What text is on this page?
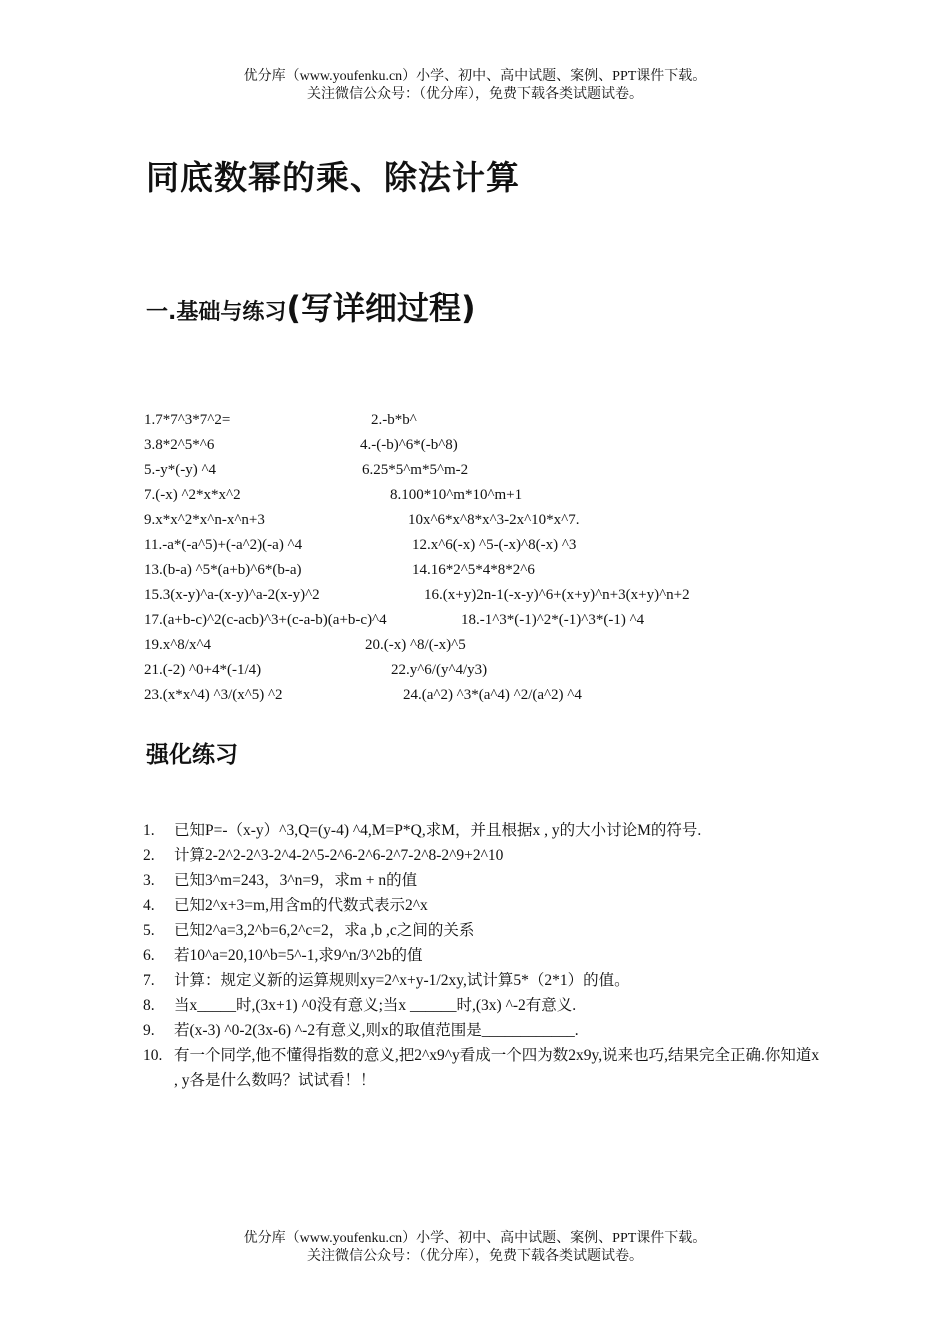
优分库（www.youfenku.cn）小学、初中、高中试题、案例、PPT课件下载。
关注微信公众号：（优分库），免费下载各类试题试卷。
同底数幂的乘、除法计算
一.基础与练习(写详细过程)
1.7*7^3*7^2=	2.-b*b^
3.8*2^5*^6	4.-(-b)^6*(-b^8)
5.-y*(-y) ^4	6.25*5^m*5^m-2
7.(-x) ^2*x*x^2	8.100*10^m*10^m+1
9.x*x^2*x^n-x^n+3	10x^6*x^8*x^3-2x^10*x^7.
11.-a*(-a^5)+(-a^2)(-a) ^4	12.x^6(-x) ^5-(-x)^8(-x) ^3
13.(b-a) ^5*(a+b)^6*(b-a)	14.16*2^5*4*8*2^6
15.3(x-y)^a-(x-y)^a-2(x-y)^2	16.(x+y)2n-1(-x-y)^6+(x+y)^n+3(x+y)^n+2
17.(a+b-c)^2(c-acb)^3+(c-a-b)(a+b-c)^4	18.-1^3*(-1)^2*(-1)^3*(-1) ^4
19.x^8/x^4	20.(-x) ^8/(-x)^5
21.(-2) ^0+4*(-1/4)	22.y^6/(y^4/y3)
23.(x*x^4) ^3/(x^5) ^2	24.(a^2) ^3*(a^4) ^2/(a^2) ^4
强化练习
1. 已知P=-（x-y）^3,Q=(y-4) ^4,M=P*Q,求M，并且根据x , y的大小讨论M的符号.
2. 计算2-2^2-2^3-2^4-2^5-2^6-2^6-2^7-2^8-2^9+2^10
3. 已知3^m=243，3^n=9，求m + n的值
4. 已知2^x+3=m,用含m的代数式表示2^x
5. 已知2^a=3,2^b=6,2^c=2，求a ,b ,c之间的关系
6. 若10^a=20,10^b=5^-1,求9^n/3^2b的值
7. 计算：规定义新的运算规则xy=2^x+y-1/2xy,试计算5*（2*1）的值。
8. 当x_____时,(3x+1) ^0没有意义;当x ______时,(3x) ^-2有意义.
9. 若(x-3) ^0-2(3x-6) ^-2有意义,则x的取值范围是____________.
10. 有一个同学,他不懂得指数的意义,把2^x9^y看成一个四为数2x9y,说来也巧,结果完全正确.你知道x , y各是什么数吗？试试看！！
优分库（www.youfenku.cn）小学、初中、高中试题、案例、PPT课件下载。
关注微信公众号：（优分库），免费下载各类试题试卷。
